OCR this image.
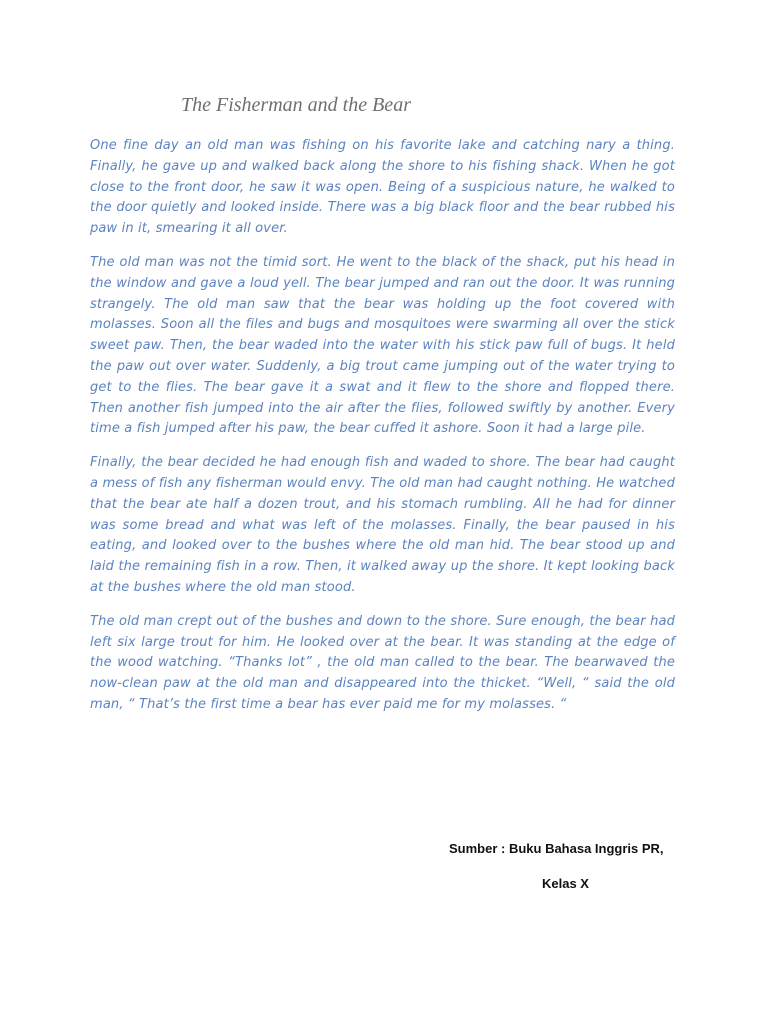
The Fisherman and the Bear

One fine day an old man was fishing on his favorite lake and catching nary a thing. Finally, he gave up and walked back along the shore to his fishing shack. When he got close to the front door, he saw it was open. Being of a suspicious nature, he walked to the door quietly and looked inside. There was a big black floor and the bear rubbed his paw in it, smearing it all over.

The old man was not the timid sort. He went to the black of the shack, put his head in the window and gave a loud yell. The bear jumped and ran out the door. It was running strangely. The old man saw that the bear was holding up the foot covered with molasses. Soon all the files and bugs and mosquitoes were swarming all over the stick sweet paw. Then, the bear waded into the water with his stick paw full of bugs. It held the paw out over water. Suddenly, a big trout came jumping out of the water trying to get to the flies. The bear gave it a swat and it flew to the shore and flopped there. Then another fish jumped into the air after the flies, followed swiftly by another. Every time a fish jumped after his paw, the bear cuffed it ashore. Soon it had a large pile.

Finally, the bear decided he had enough fish and waded to shore. The bear had caught a mess of fish any fisherman would envy. The old man had caught nothing. He watched that the bear ate half a dozen trout, and his stomach rumbling. All he had for dinner was some bread and what was left of the molasses. Finally, the bear paused in his eating, and looked over to the bushes where the old man hid. The bear stood up and laid the remaining fish in a row. Then, it walked away up the shore. It kept looking back at the bushes where the old man stood.

The old man crept out of the bushes and down to the shore. Sure enough, the bear had left six large trout for him. He looked over at the bear. It was standing at the edge of the wood watching. “Thanks lot” , the old man called to the bear. The bearwaved the now-clean paw at the old man and disappeared into the thicket. “Well, “ said the old man, “ That’s the first time a bear has ever paid me for my molasses. “

Sumber : Buku Bahasa Inggris PR,
Kelas X
